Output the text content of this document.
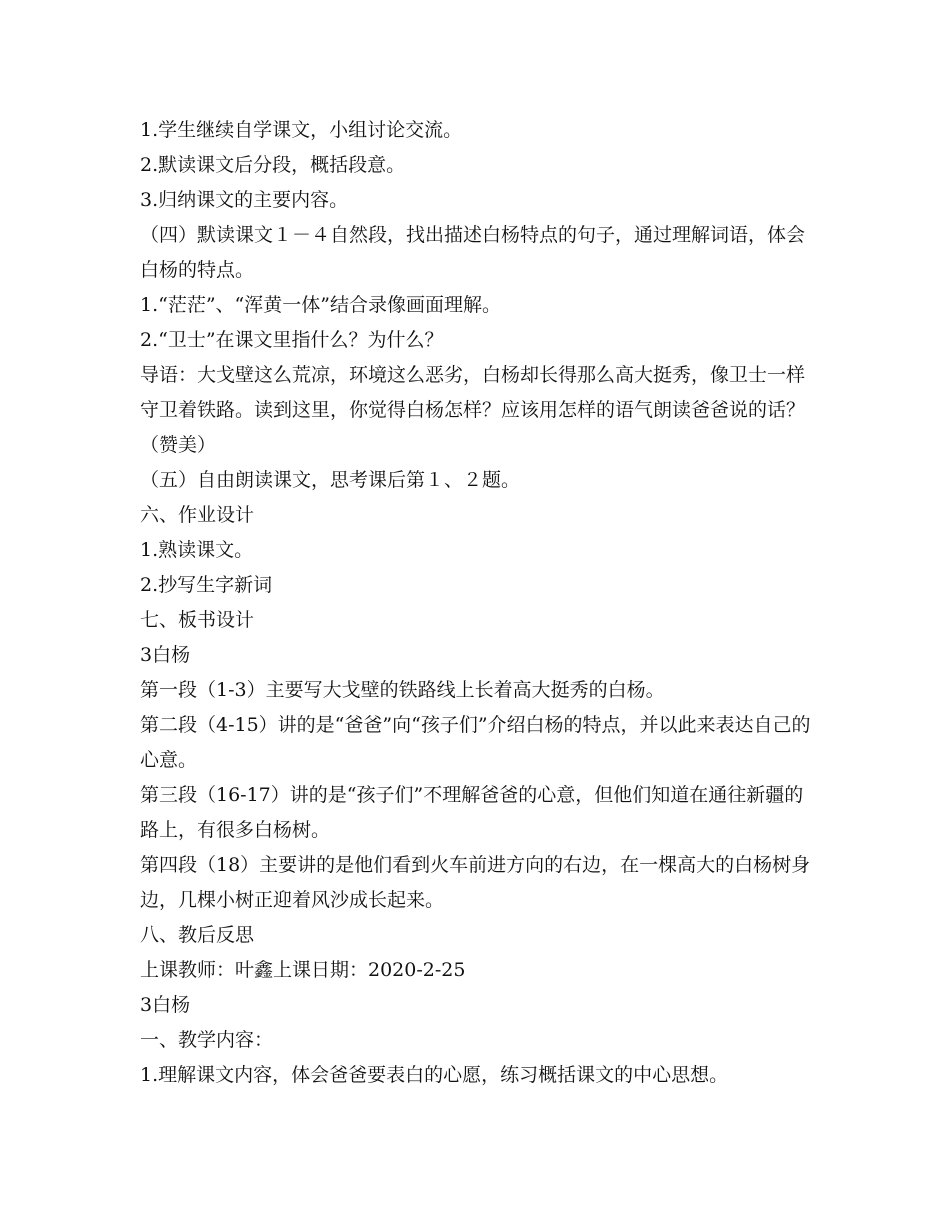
1.学生继续自学课文，小组讨论交流。

2.默读课文后分段，概括段意。

3.归纳课文的主要内容。

（四）默读课文１－４自然段，找出描述白杨特点的句子，通过理解词语，体会白杨的特点。

1.“茫茫”、“浑黄一体”结合录像画面理解。

2.“卫士”在课文里指什么？为什么？

导语：大戈壁这么荒凉，环境这么恶劣，白杨却长得那么高大挺秀，像卫士一样守卫着铁路。读到这里，你觉得白杨怎样？应该用怎样的语气朗读爸爸说的话？（赞美）

（五）自由朗读课文，思考课后第１、２题。

六、作业设计

1.熟读课文。

2.抄写生字新词

七、板书设计

3白杨

第一段（1-3）主要写大戈壁的铁路线上长着高大挺秀的白杨。

第二段（4-15）讲的是“爸爸”向“孩子们”介绍白杨的特点，并以此来表达自己的心意。

第三段（16-17）讲的是“孩子们”不理解爸爸的心意，但他们知道在通往新疆的路上，有很多白杨树。

第四段（18）主要讲的是他们看到火车前进方向的右边，在一棵高大的白杨树身边，几棵小树正迎着风沙成长起来。

八、教后反思

上课教师：叶鑫上课日期：2020-2-25

3白杨

一、教学内容：

1.理解课文内容，体会爸爸要表白的心愿，练习概括课文的中心思想。
